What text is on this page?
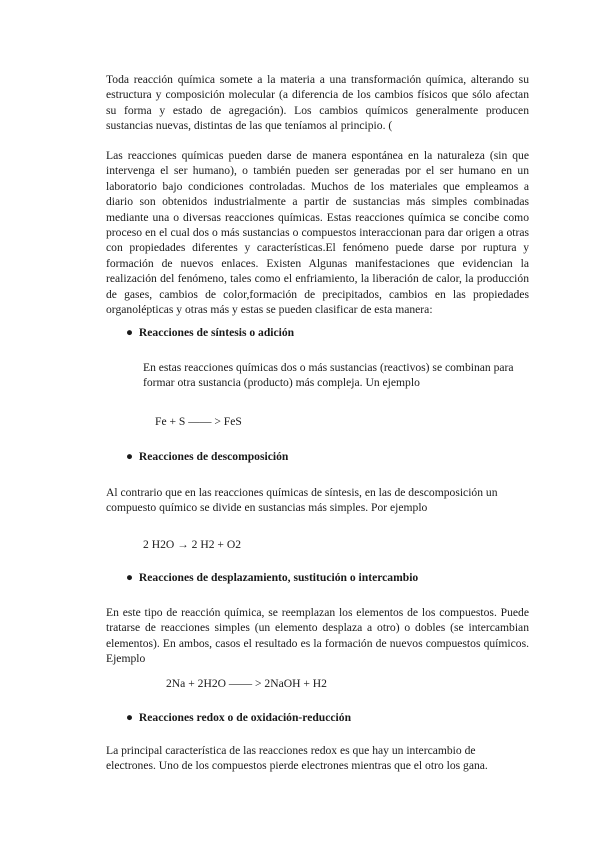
Toda reacción química somete a la materia a una transformación química, alterando su estructura y composición molecular (a diferencia de los cambios físicos que sólo afectan su forma y estado de agregación). Los cambios químicos generalmente producen sustancias nuevas, distintas de las que teníamos al principio. (

Las reacciones químicas pueden darse de manera espontánea en la naturaleza (sin que intervenga el ser humano), o también pueden ser generadas por el ser humano en un laboratorio bajo condiciones controladas. Muchos de los materiales que empleamos a diario son obtenidos industrialmente a partir de sustancias más simples combinadas mediante una o diversas reacciones químicas. Estas reacciones química se concibe como proceso en el cual dos o más sustancias o compuestos interaccionan para dar origen a otras con propiedades diferentes y características.El fenómeno puede darse por ruptura y formación de nuevos enlaces. Existen Algunas manifestaciones que evidencian la realización del fenómeno, tales como el enfriamiento, la liberación de calor, la producción de gases, cambios de color,formación de precipitados, cambios en las propiedades organolépticas y otras más y estas se pueden clasificar de esta manera:

● Reacciones de síntesis o adición

En estas reacciones químicas dos o más sustancias (reactivos) se combinan para formar otra sustancia (producto) más compleja. Un ejemplo

Fe + S —— > FeS

● Reacciones de descomposición

Al contrario que en las reacciones químicas de síntesis, en las de descomposición un compuesto químico se divide en sustancias más simples. Por ejemplo

2 H2O → 2 H2 + O2

● Reacciones de desplazamiento, sustitución o intercambio

En este tipo de reacción química, se reemplazan los elementos de los compuestos. Puede tratarse de reacciones simples (un elemento desplaza a otro) o dobles (se intercambian elementos). En ambos, casos el resultado es la formación de nuevos compuestos químicos. Ejemplo

2Na + 2H2O —— > 2NaOH + H2

● Reacciones redox o de oxidación-reducción

La principal característica de las reacciones redox es que hay un intercambio de electrones. Uno de los compuestos pierde electrones mientras que el otro los gana.
